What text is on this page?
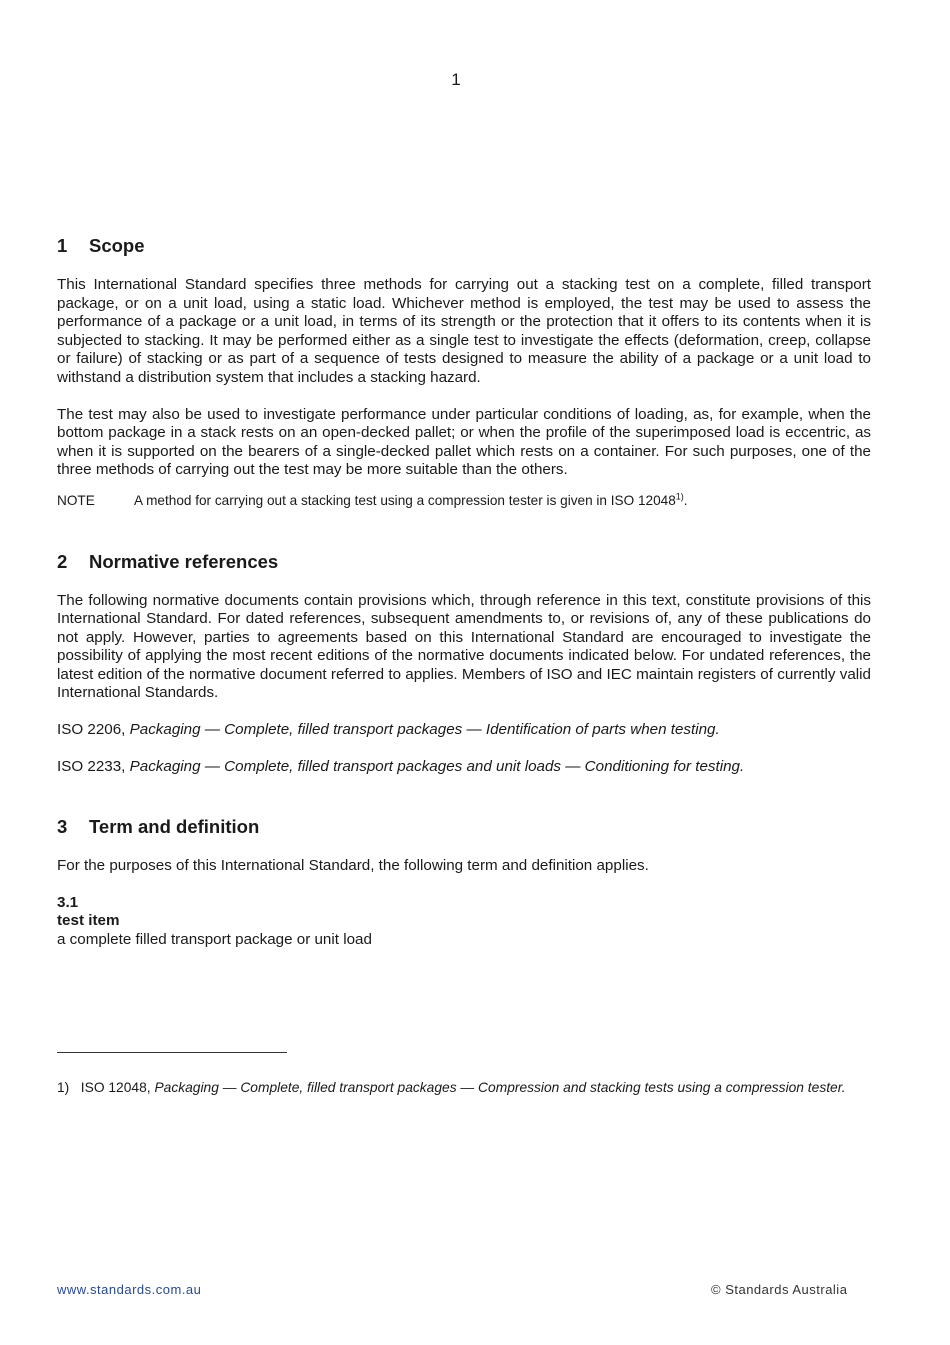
1
1 Scope

This International Standard specifies three methods for carrying out a stacking test on a complete, filled transport package, or on a unit load, using a static load. Whichever method is employed, the test may be used to assess the performance of a package or a unit load, in terms of its strength or the protection that it offers to its contents when it is subjected to stacking. It may be performed either as a single test to investigate the effects (deformation, creep, collapse or failure) of stacking or as part of a sequence of tests designed to measure the ability of a package or a unit load to withstand a distribution system that includes a stacking hazard.

The test may also be used to investigate performance under particular conditions of loading, as, for example, when the bottom package in a stack rests on an open-decked pallet; or when the profile of the superimposed load is eccentric, as when it is supported on the bearers of a single-decked pallet which rests on a container. For such purposes, one of the three methods of carrying out the test may be more suitable than the others.

NOTE	A method for carrying out a stacking test using a compression tester is given in ISO 12048$^{1)}$.
2 Normative references

The following normative documents contain provisions which, through reference in this text, constitute provisions of this International Standard. For dated references, subsequent amendments to, or revisions of, any of these publications do not apply. However, parties to agreements based on this International Standard are encouraged to investigate the possibility of applying the most recent editions of the normative documents indicated below. For undated references, the latest edition of the normative document referred to applies. Members of ISO and IEC maintain registers of currently valid International Standards.

ISO 2206, Packaging — Complete, filled transport packages — Identification of parts when testing.

ISO 2233, Packaging — Complete, filled transport packages and unit loads — Conditioning for testing.

3 Term and definition

For the purposes of this International Standard, the following term and definition applies.

3.1
test item

a complete filled transport package or unit load

1) ISO 12048, Packaging — Complete, filled transport packages — Compression and stacking tests using a compression tester.
www.standards.com.au	© Standards Australia
